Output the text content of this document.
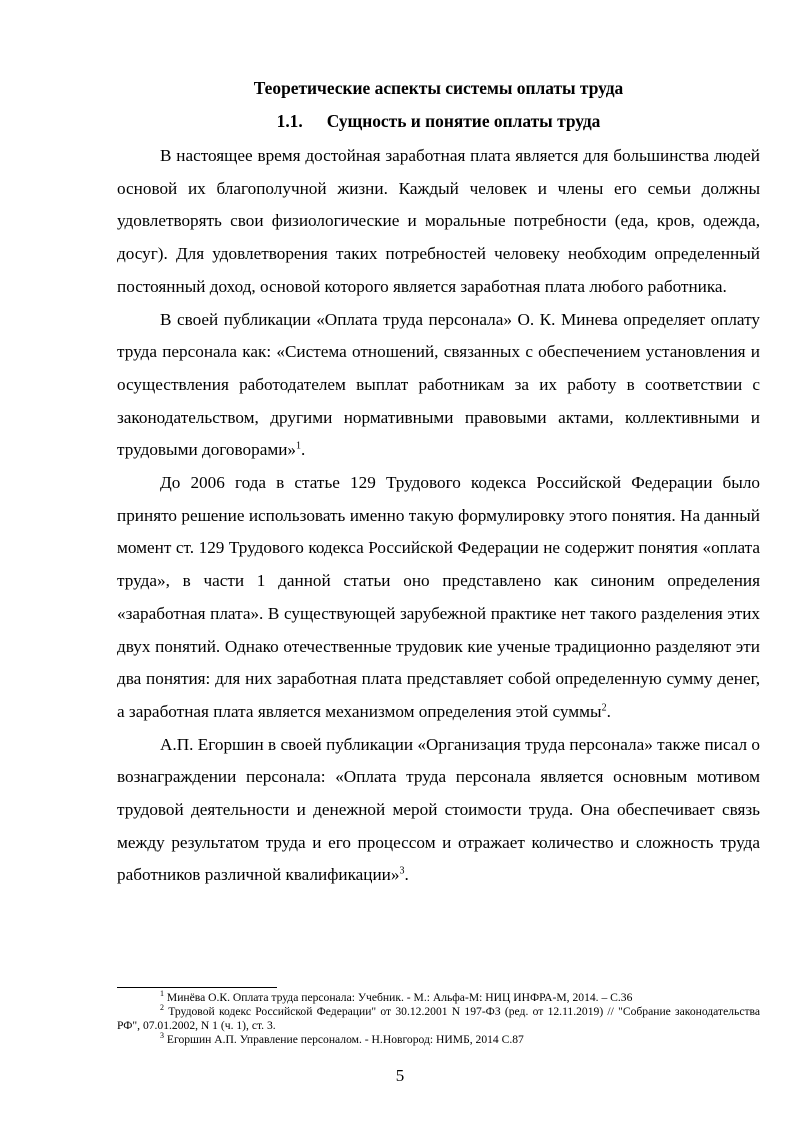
Теоретические аспекты системы оплаты труда
1.1. Сущность и понятие оплаты труда

В настоящее время достойная заработная плата является для большинства людей основой их благополучной жизни. Каждый человек и члены его семьи должны удовлетворять свои физиологические и моральные потребности (еда, кров, одежда, досуг). Для удовлетворения таких потребностей человеку необходим определенный постоянный доход, основой которого является заработная плата любого работника.

В своей публикации «Оплата труда персонала» О. К. Минева определяет оплату труда персонала как: «Система отношений, связанных с обеспечением установления и осуществления работодателем выплат работникам за их работу в соответствии с законодательством, другими нормативными правовыми актами, коллективными и трудовыми договорами»$^1$.

До 2006 года в статье 129 Трудового кодекса Российской Федерации было принято решение использовать именно такую формулировку этого понятия. На данный момент ст. 129 Трудового кодекса Российской Федерации не содержит понятия «оплата труда», в части 1 данной статьи оно представлено как синоним определения «заработная плата». В существующей зарубежной практике нет такого разделения этих двух понятий. Однако отечественные трудовик кие ученые традиционно разделяют эти два понятия: для них заработная плата представляет собой определенную сумму денег, а заработная плата является механизмом определения этой суммы$^2$.

А.П. Егоршин в своей публикации «Организация труда персонала» также писал о вознаграждении персонала: «Оплата труда персонала является основным мотивом трудовой деятельности и денежной мерой стоимости труда. Она обеспечивает связь между результатом труда и его процессом и отражает количество и сложность труда работников различной квалификации»$^3$.

$^1$ Минёва О.К. Оплата труда персонала: Учебник. - М.: Альфа-М: НИЦ ИНФРА-М, 2014. – С.36

$^2$ Трудовой кодекс Российской Федерации" от 30.12.2001 N 197-ФЗ (ред. от 12.11.2019) // "Собрание законодательства РФ", 07.01.2002, N 1 (ч. 1), ст. 3.

$^3$ Егоршин А.П. Управление персоналом. - Н.Новгород: НИМБ, 2014 С.87

5
